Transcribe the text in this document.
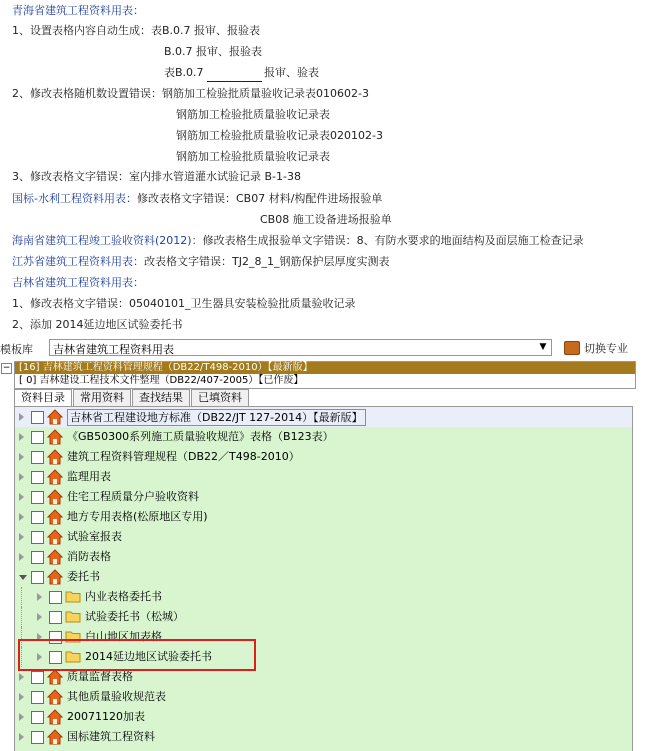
青海省建筑工程资料用表：
1、设置表格内容自动生成：表B.0.7 报审、报验表
B.0.7 报审、报验表
表B.0.7	报审、验表
2、修改表格随机数设置错误：钢筋加工检验批质量验收记录表010602-3
钢筋加工检验批质量验收记录表
钢筋加工检验批质量验收记录表020102-3
钢筋加工检验批质量验收记录表
3、修改表格文字错误：室内排水管道灌水试验记录 B-1-38
国标-水利工程资料用表：修改表格文字错误：CB07 材料/构配件进场报验单
CB08 施工设备进场报验单
海南省建筑工程竣工验收资料(2012)：修改表格生成报验单文字错误：8、有防水要求的地面结构及面层施工检查记录
江苏省建筑工程资料用表：改表格文字错误：TJ2_8_1_钢筋保护层厚度实测表
吉林省建筑工程资料用表：
1、修改表格文字错误：05040101_卫生器具安装检验批质量验收记录
2、添加 2014延边地区试验委托书
模板库 吉林省建筑工程资料用表	▼	切换专业
− [16] 吉林建筑工程资料管理规程（DB22/T498-2010）【最新版】
[ 0] 吉林建设工程技术文件整理（DB22/407-2005）【已作废】
资料目录	常用资料	查找结果	已填资料
吉林省工程建设地方标准（DB22/JT 127-2014）【最新版】
《GB50300系列施工质量验收规范》表格（B123表）
建筑工程资料管理规程（DB22／T498-2010）
监理用表
住宅工程质量分户验收资料
地方专用表格(松原地区专用)
试验室报表
消防表格
委托书
内业表格委托书
试验委托书（松城）
白山地区加表格
2014延边地区试验委托书
质量监督表格
其他质量验收规范表
20071120加表
国标建筑工程资料
